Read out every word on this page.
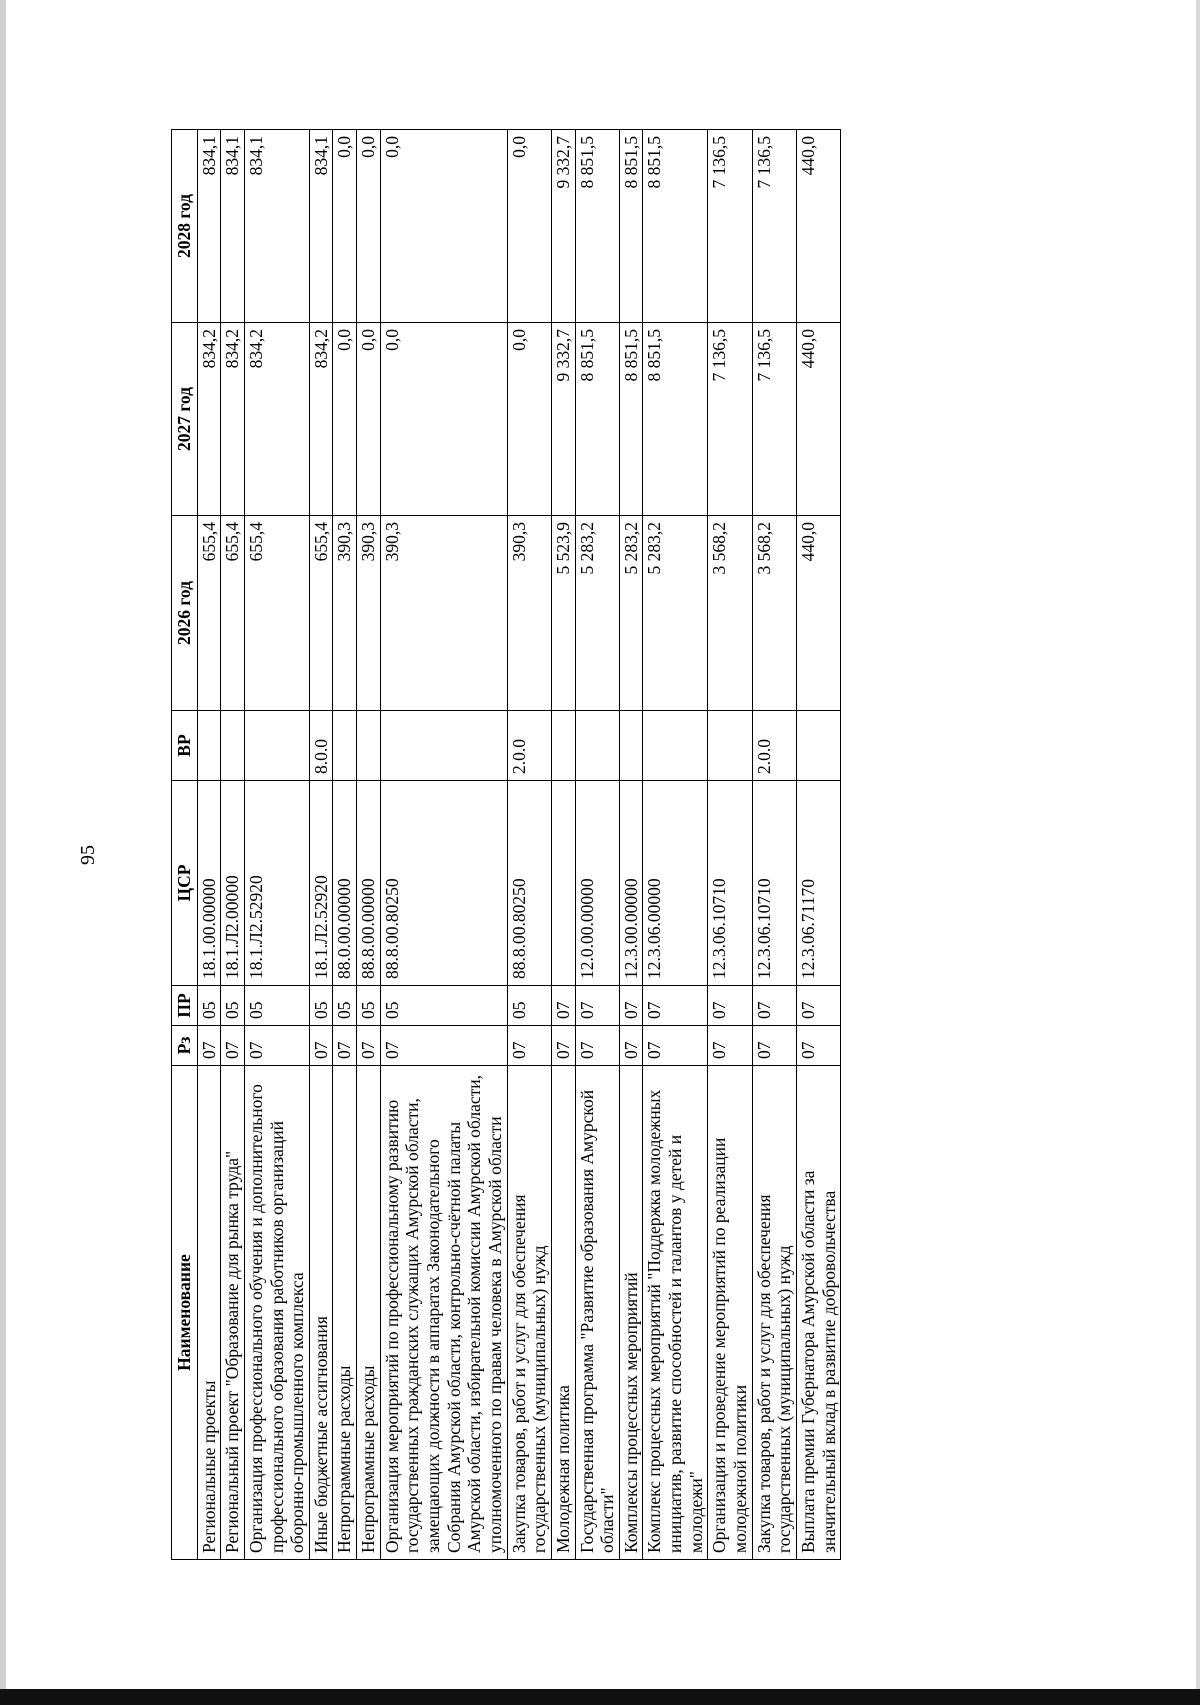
95
Наименование	Рз	ПР	ЦСР	ВР	2026 год	2027 год	2028 год
Региональные проекты	07	05	18.1.00.00000		655,4	834,2	834,1
Региональный проект "Образование для рынка труда"	07	05	18.1.Л2.00000		655,4	834,2	834,1
Организация профессионального обучения и дополнительного профессионального образования работников организаций оборонно-промышленного комплекса	07	05	18.1.Л2.52920		655,4	834,2	834,1
Иные бюджетные ассигнования	07	05	18.1.Л2.52920	8.0.0	655,4	834,2	834,1
Непрограммные расходы	07	05	88.0.00.00000		390,3	0,0	0,0
Непрограммные расходы	07	05	88.8.00.00000		390,3	0,0	0,0
Организация мероприятий по профессиональному развитию государственных гражданских служащих Амурской области, замещающих должности в аппаратах Законодательного Собрания Амурской области, контрольно-счётной палаты Амурской области, избирательной комиссии Амурской области, уполномоченного по правам человека в Амурской области	07	05	88.8.00.80250		390,3	0,0	0,0
Закупка товаров, работ и услуг для обеспечения государственных (муниципальных) нужд	07	05	88.8.00.80250	2.0.0	390,3	0,0	0,0
Молодежная политика	07	07			5 523,9	9 332,7	9 332,7
Государственная программа "Развитие образования Амурской области"	07	07	12.0.00.00000		5 283,2	8 851,5	8 851,5
Комплексы процессных мероприятий	07	07	12.3.00.00000		5 283,2	8 851,5	8 851,5
Комплекс процессных мероприятий "Поддержка молодежных инициатив, развитие способностей и талантов у детей и молодежи"	07	07	12.3.06.00000		5 283,2	8 851,5	8 851,5
Организация и проведение мероприятий по реализации молодежной политики	07	07	12.3.06.10710		3 568,2	7 136,5	7 136,5
Закупка товаров, работ и услуг для обеспечения государственных (муниципальных) нужд	07	07	12.3.06.10710	2.0.0	3 568,2	7 136,5	7 136,5
Выплата премии Губернатора Амурской области за значительный вклад в развитие добровольчества	07	07	12.3.06.71170		440,0	440,0	440,0
